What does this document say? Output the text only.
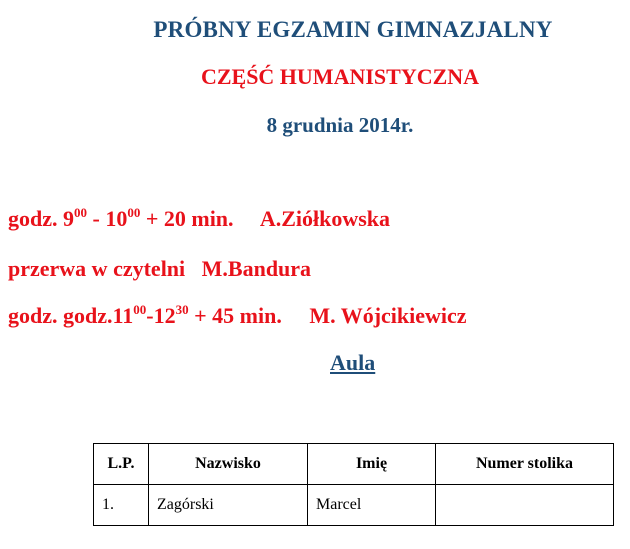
PRÓBNY EGZAMIN GIMNAZJALNY
CZĘŚĆ HUMANISTYCZNA
8 grudnia 2014r.
godz. $9^{00} - 10^{00} + 20$ min.     A.Ziółkowska
przerwa w czytelni   M.Bandura
godz. $godz.11^{00}-12^{30} + 45$ min.     M. Wójcikiewicz
Aula
L.P.	Nazwisko	Imię	Numer stolika
1.	Zagórski	Marcel	
